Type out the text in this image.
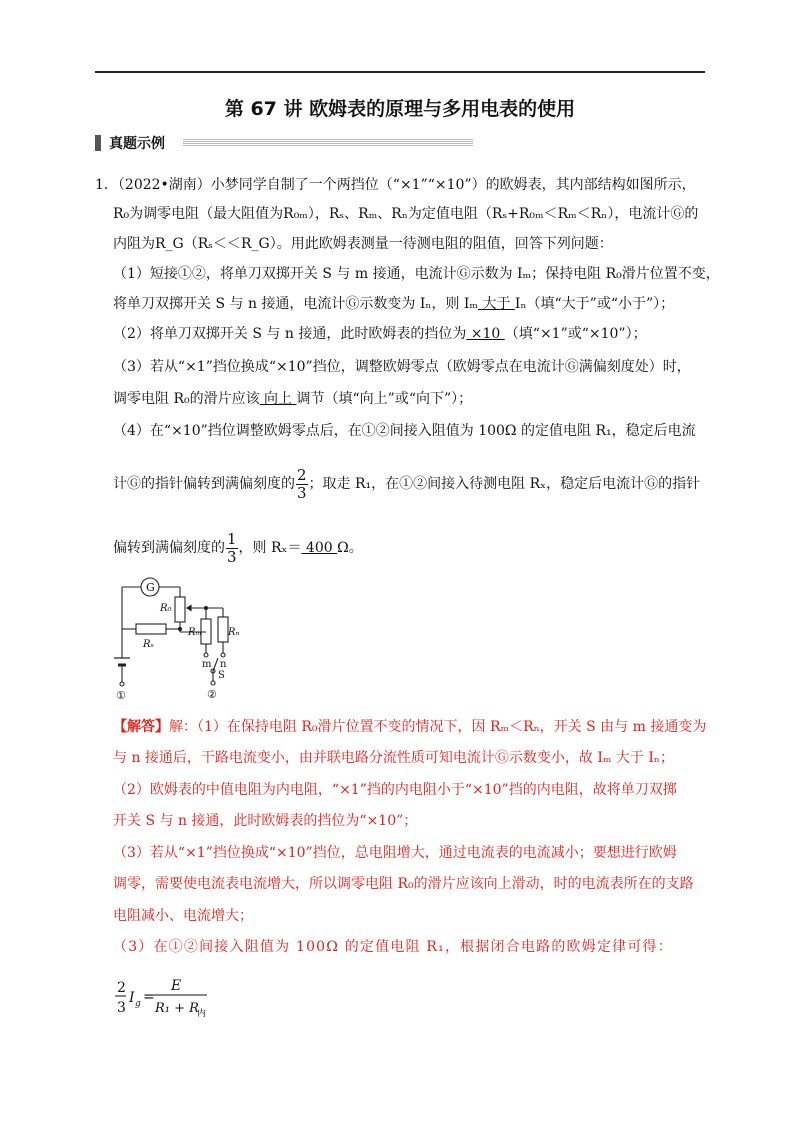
第 67 讲 欧姆表的原理与多用电表的使用
真题示例
1．（2022•湖南）小梦同学自制了一个两挡位（“×1”“×10”）的欧姆表，其内部结构如图所示，
R₀为调零电阻（最大阻值为R₀ₘ），Rₛ、Rₘ、Rₙ为定值电阻（Rₛ+R₀ₘ＜Rₘ＜Rₙ），电流计Ⓖ的
内阻为R_G（Rₛ＜＜R_G）。用此欧姆表测量一待测电阻的阻值，回答下列问题：
（1）短接①②，将单刀双掷开关 S 与 m 接通，电流计Ⓖ示数为 Iₘ；保持电阻 R₀滑片位置不变，
将单刀双掷开关 S 与 n 接通，电流计Ⓖ示数变为 Iₙ，则 Iₘ 大于 Iₙ（填“大于”或“小于”）；
（2）将单刀双掷开关 S 与 n 接通，此时欧姆表的挡位为 ×10 （填“×1”或“×10”）；
（3）若从“×1”挡位换成“×10”挡位，调整欧姆零点（欧姆零点在电流计Ⓖ满偏刻度处）时，
调零电阻 R₀的滑片应该 向上 调节（填“向上”或“向下”）；
（4）在“×10”挡位调整欧姆零点后，在①②间接入阻值为 100Ω 的定值电阻 R₁，稳定后电流
计Ⓖ的指针偏转到满偏刻度的 $\frac{2}{3}$ ；取走 R₁，在①②间接入待测电阻 Rₓ，稳定后电流计Ⓖ的指针
偏转到满偏刻度的 $\frac{1}{3}$ ，则 Rₓ＝ 400 Ω。
G
R₀
Rₛ
Rₘ	Rₙ
m n
S
①	②
【解答】解：（1）在保持电阻 R₀滑片位置不变的情况下，因 Rₘ＜Rₙ，开关 S 由与 m 接通变为
与 n 接通后，干路电流变小，由并联电路分流性质可知电流计Ⓖ示数变小，故 Iₘ 大于 Iₙ；
（2）欧姆表的中值电阻为内电阻，“×1”挡的内电阻小于“×10”挡的内电阻，故将单刀双掷
开关 S 与 n 接通，此时欧姆表的挡位为“×10”；
（3）若从“×1”挡位换成“×10”挡位，总电阻增大，通过电流表的电流减小；要想进行欧姆
调零，需要使电流表电流增大，所以调零电阻 R₀的滑片应该向上滑动，时的电流表所在的支路
电阻减小、电流增大；
（3）在①②间接入阻值为 100Ω 的定值电阻 R₁，根据闭合电路的欧姆定律可得：
2
3
I g =
E
R₁ + R
内
